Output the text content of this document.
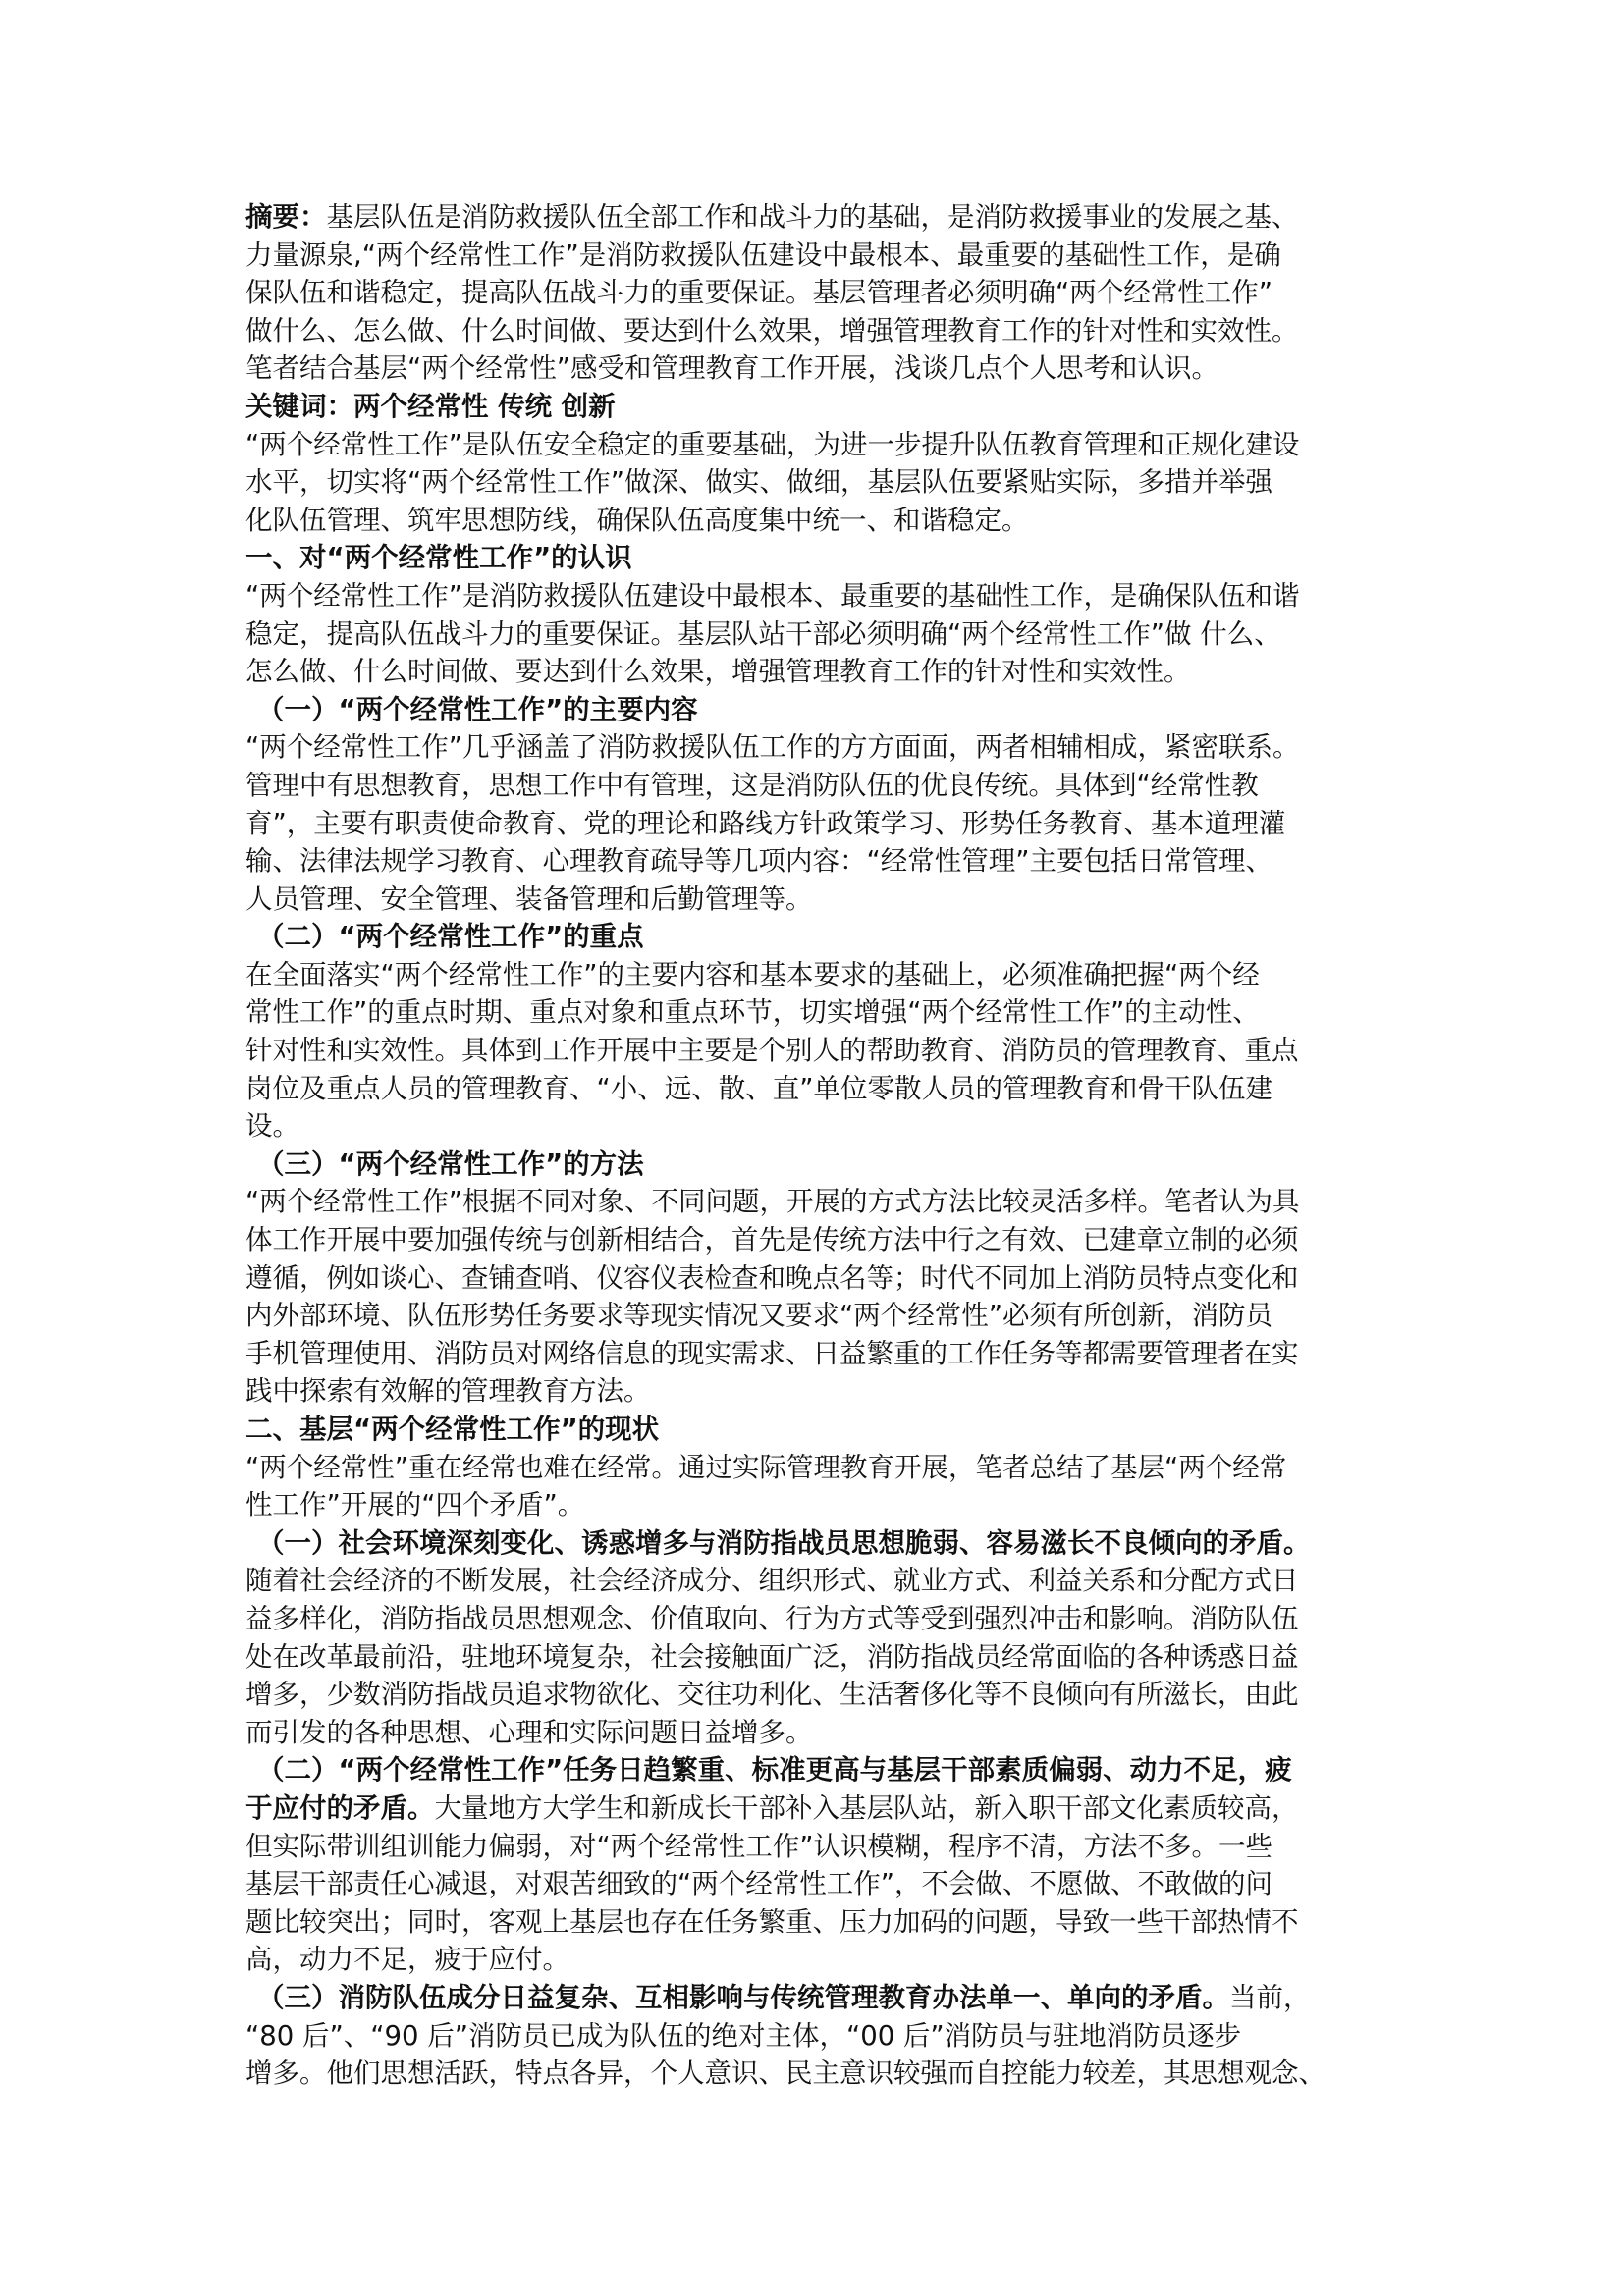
摘要：基层队伍是消防救援队伍全部工作和战斗力的基础，是消防救援事业的发展之基、
力量源泉,“两个经常性工作”是消防救援队伍建设中最根本、最重要的基础性工作，是确
保队伍和谐稳定，提高队伍战斗力的重要保证。基层管理者必须明确“两个经常性工作”
做什么、怎么做、什么时间做、要达到什么效果，增强管理教育工作的针对性和实效性。
笔者结合基层“两个经常性”感受和管理教育工作开展，浅谈几点个人思考和认识。
关键词：两个经常性 传统 创新
“两个经常性工作”是队伍安全稳定的重要基础，为进一步提升队伍教育管理和正规化建设
水平，切实将“两个经常性工作”做深、做实、做细，基层队伍要紧贴实际，多措并举强
化队伍管理、筑牢思想防线，确保队伍高度集中统一、和谐稳定。
一、对“两个经常性工作”的认识
“两个经常性工作”是消防救援队伍建设中最根本、最重要的基础性工作，是确保队伍和谐
稳定，提高队伍战斗力的重要保证。基层队站干部必须明确“两个经常性工作”做 什么、
怎么做、什么时间做、要达到什么效果，增强管理教育工作的针对性和实效性。
（一）“两个经常性工作”的主要内容
“两个经常性工作”几乎涵盖了消防救援队伍工作的方方面面，两者相辅相成，紧密联系。
管理中有思想教育，思想工作中有管理，这是消防队伍的优良传统。具体到“经常性教
育”，主要有职责使命教育、党的理论和路线方针政策学习、形势任务教育、基本道理灌
输、法律法规学习教育、心理教育疏导等几项内容：“经常性管理”主要包括日常管理、
人员管理、安全管理、装备管理和后勤管理等。
（二）“两个经常性工作”的重点
在全面落实“两个经常性工作”的主要内容和基本要求的基础上，必须准确把握“两个经
常性工作”的重点时期、重点对象和重点环节，切实增强“两个经常性工作”的主动性、
针对性和实效性。具体到工作开展中主要是个别人的帮助教育、消防员的管理教育、重点
岗位及重点人员的管理教育、“小、远、散、直”单位零散人员的管理教育和骨干队伍建
设。
（三）“两个经常性工作”的方法
“两个经常性工作”根据不同对象、不同问题，开展的方式方法比较灵活多样。笔者认为具
体工作开展中要加强传统与创新相结合，首先是传统方法中行之有效、已建章立制的必须
遵循，例如谈心、查铺查哨、仪容仪表检查和晚点名等；时代不同加上消防员特点变化和
内外部环境、队伍形势任务要求等现实情况又要求“两个经常性”必须有所创新，消防员
手机管理使用、消防员对网络信息的现实需求、日益繁重的工作任务等都需要管理者在实
践中探索有效解的管理教育方法。
二、基层“两个经常性工作”的现状
“两个经常性”重在经常也难在经常。通过实际管理教育开展，笔者总结了基层“两个经常
性工作”开展的“四个矛盾”。
（一）社会环境深刻变化、诱惑增多与消防指战员思想脆弱、容易滋长不良倾向的矛盾。
随着社会经济的不断发展，社会经济成分、组织形式、就业方式、利益关系和分配方式日
益多样化，消防指战员思想观念、价值取向、行为方式等受到强烈冲击和影响。消防队伍
处在改革最前沿，驻地环境复杂，社会接触面广泛，消防指战员经常面临的各种诱惑日益
增多，少数消防指战员追求物欲化、交往功利化、生活奢侈化等不良倾向有所滋长，由此
而引发的各种思想、心理和实际问题日益增多。
（二）“两个经常性工作”任务日趋繁重、标准更高与基层干部素质偏弱、动力不足，疲
于应付的矛盾。大量地方大学生和新成长干部补入基层队站，新入职干部文化素质较高，
但实际带训组训能力偏弱，对“两个经常性工作”认识模糊，程序不清，方法不多。一些
基层干部责任心减退，对艰苦细致的“两个经常性工作”，不会做、不愿做、不敢做的问
题比较突出；同时，客观上基层也存在任务繁重、压力加码的问题，导致一些干部热情不
高，动力不足，疲于应付。
（三）消防队伍成分日益复杂、互相影响与传统管理教育办法单一、单向的矛盾。当前，
“80 后”、“90 后”消防员已成为队伍的绝对主体，“00 后”消防员与驻地消防员逐步
增多。他们思想活跃，特点各异，个人意识、民主意识较强而自控能力较差，其思想观念、
